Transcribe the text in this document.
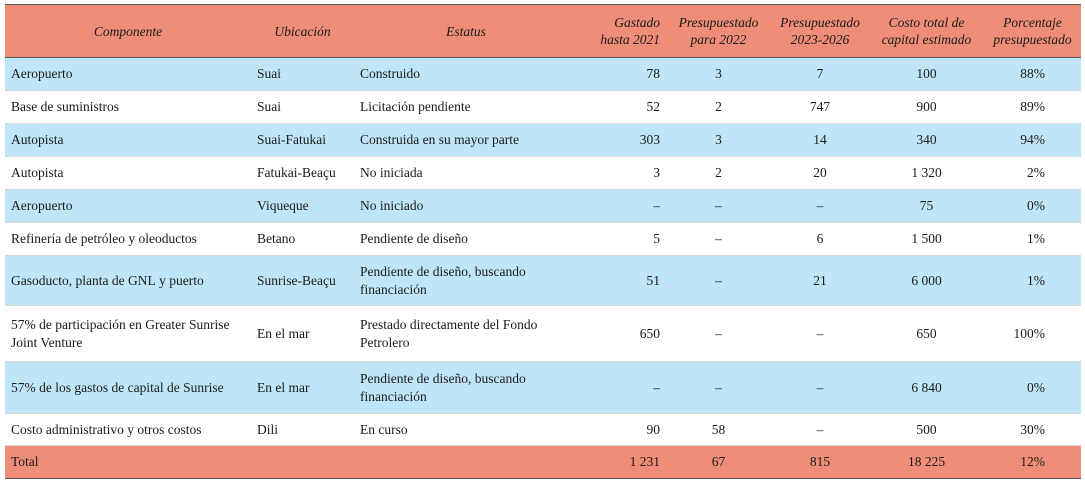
Componente	Ubicación	Estatus	Gastado hasta 2021	Presupuestado para 2022	Presupuestado 2023-2026	Costo total de capital estimado	Porcentaje presupuestado
Aeropuerto	Suai	Construido	78	3	7	100	88%
Base de suministros	Suai	Licitación pendiente	52	2	747	900	89%
Autopista	Suai-Fatukai	Construida en su mayor parte	303	3	14	340	94%
Autopista	Fatukai-Beaçu	No iniciada	3	2	20	1 320	2%
Aeropuerto	Viqueque	No iniciado	–	–	–	75	0%
Refinería de petróleo y oleoductos	Betano	Pendiente de diseño	5	–	6	1 500	1%
Gasoducto, planta de GNL y puerto	Sunrise-Beaçu	Pendiente de diseño, buscando financiación	51	–	21	6 000	1%
57% de participación en Greater Sunrise Joint Venture	En el mar	Prestado directamente del Fondo Petrolero	650	–	–	650	100%
57% de los gastos de capital de Sunrise	En el mar	Pendiente de diseño, buscando financiación	–	–	–	6 840	0%
Costo administrativo y otros costos	Dili	En curso	90	58	–	500	30%
Total			1 231	67	815	18 225	12%
